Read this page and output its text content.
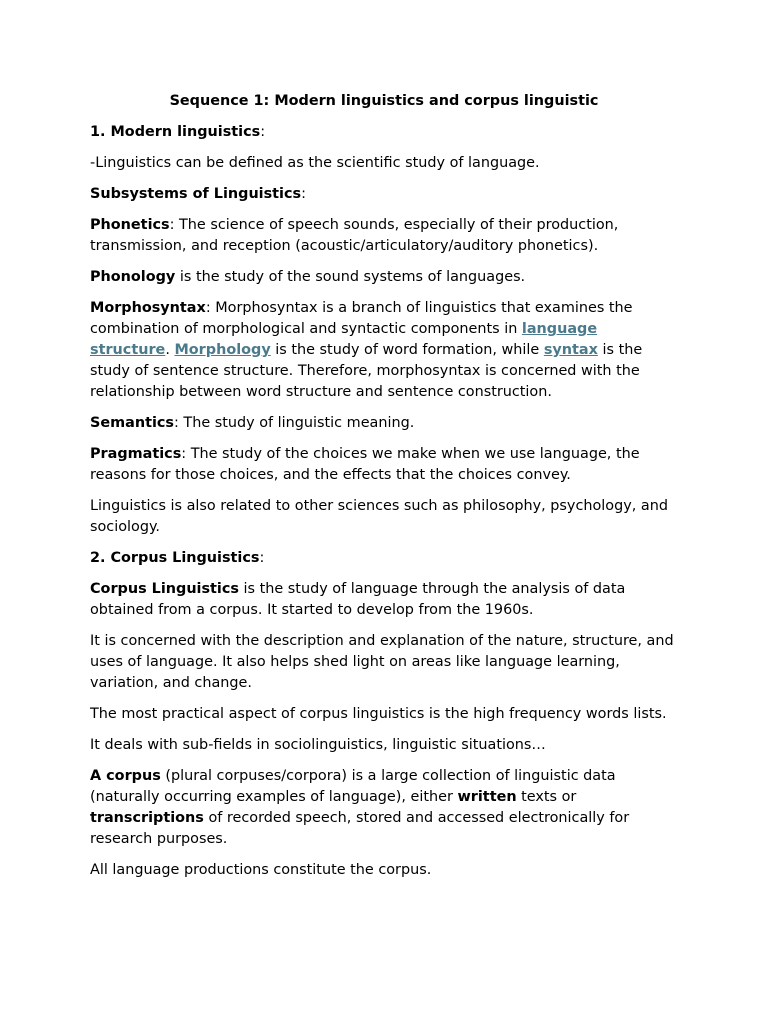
Sequence 1: Modern linguistics and corpus linguistic

1. Modern linguistics:

-Linguistics can be defined as the scientific study of language.

Subsystems of Linguistics:

Phonetics: The science of speech sounds, especially of their production, transmission, and reception (acoustic/articulatory/auditory phonetics).

Phonology is the study of the sound systems of languages.

Morphosyntax: Morphosyntax is a branch of linguistics that examines the combination of morphological and syntactic components in language structure. Morphology is the study of word formation, while syntax is the study of sentence structure. Therefore, morphosyntax is concerned with the relationship between word structure and sentence construction.

Semantics: The study of linguistic meaning.

Pragmatics: The study of the choices we make when we use language, the reasons for those choices, and the effects that the choices convey.

Linguistics is also related to other sciences such as philosophy, psychology, and sociology.

2. Corpus Linguistics:

Corpus Linguistics is the study of language through the analysis of data obtained from a corpus. It started to develop from the 1960s.

It is concerned with the description and explanation of the nature, structure, and uses of language. It also helps shed light on areas like language learning, variation, and change.

The most practical aspect of corpus linguistics is the high frequency words lists.

It deals with sub-fields in sociolinguistics, linguistic situations…

A corpus (plural corpuses/corpora) is a large collection of linguistic data (naturally occurring examples of language), either written texts or transcriptions of recorded speech, stored and accessed electronically for research purposes.

All language productions constitute the corpus.
